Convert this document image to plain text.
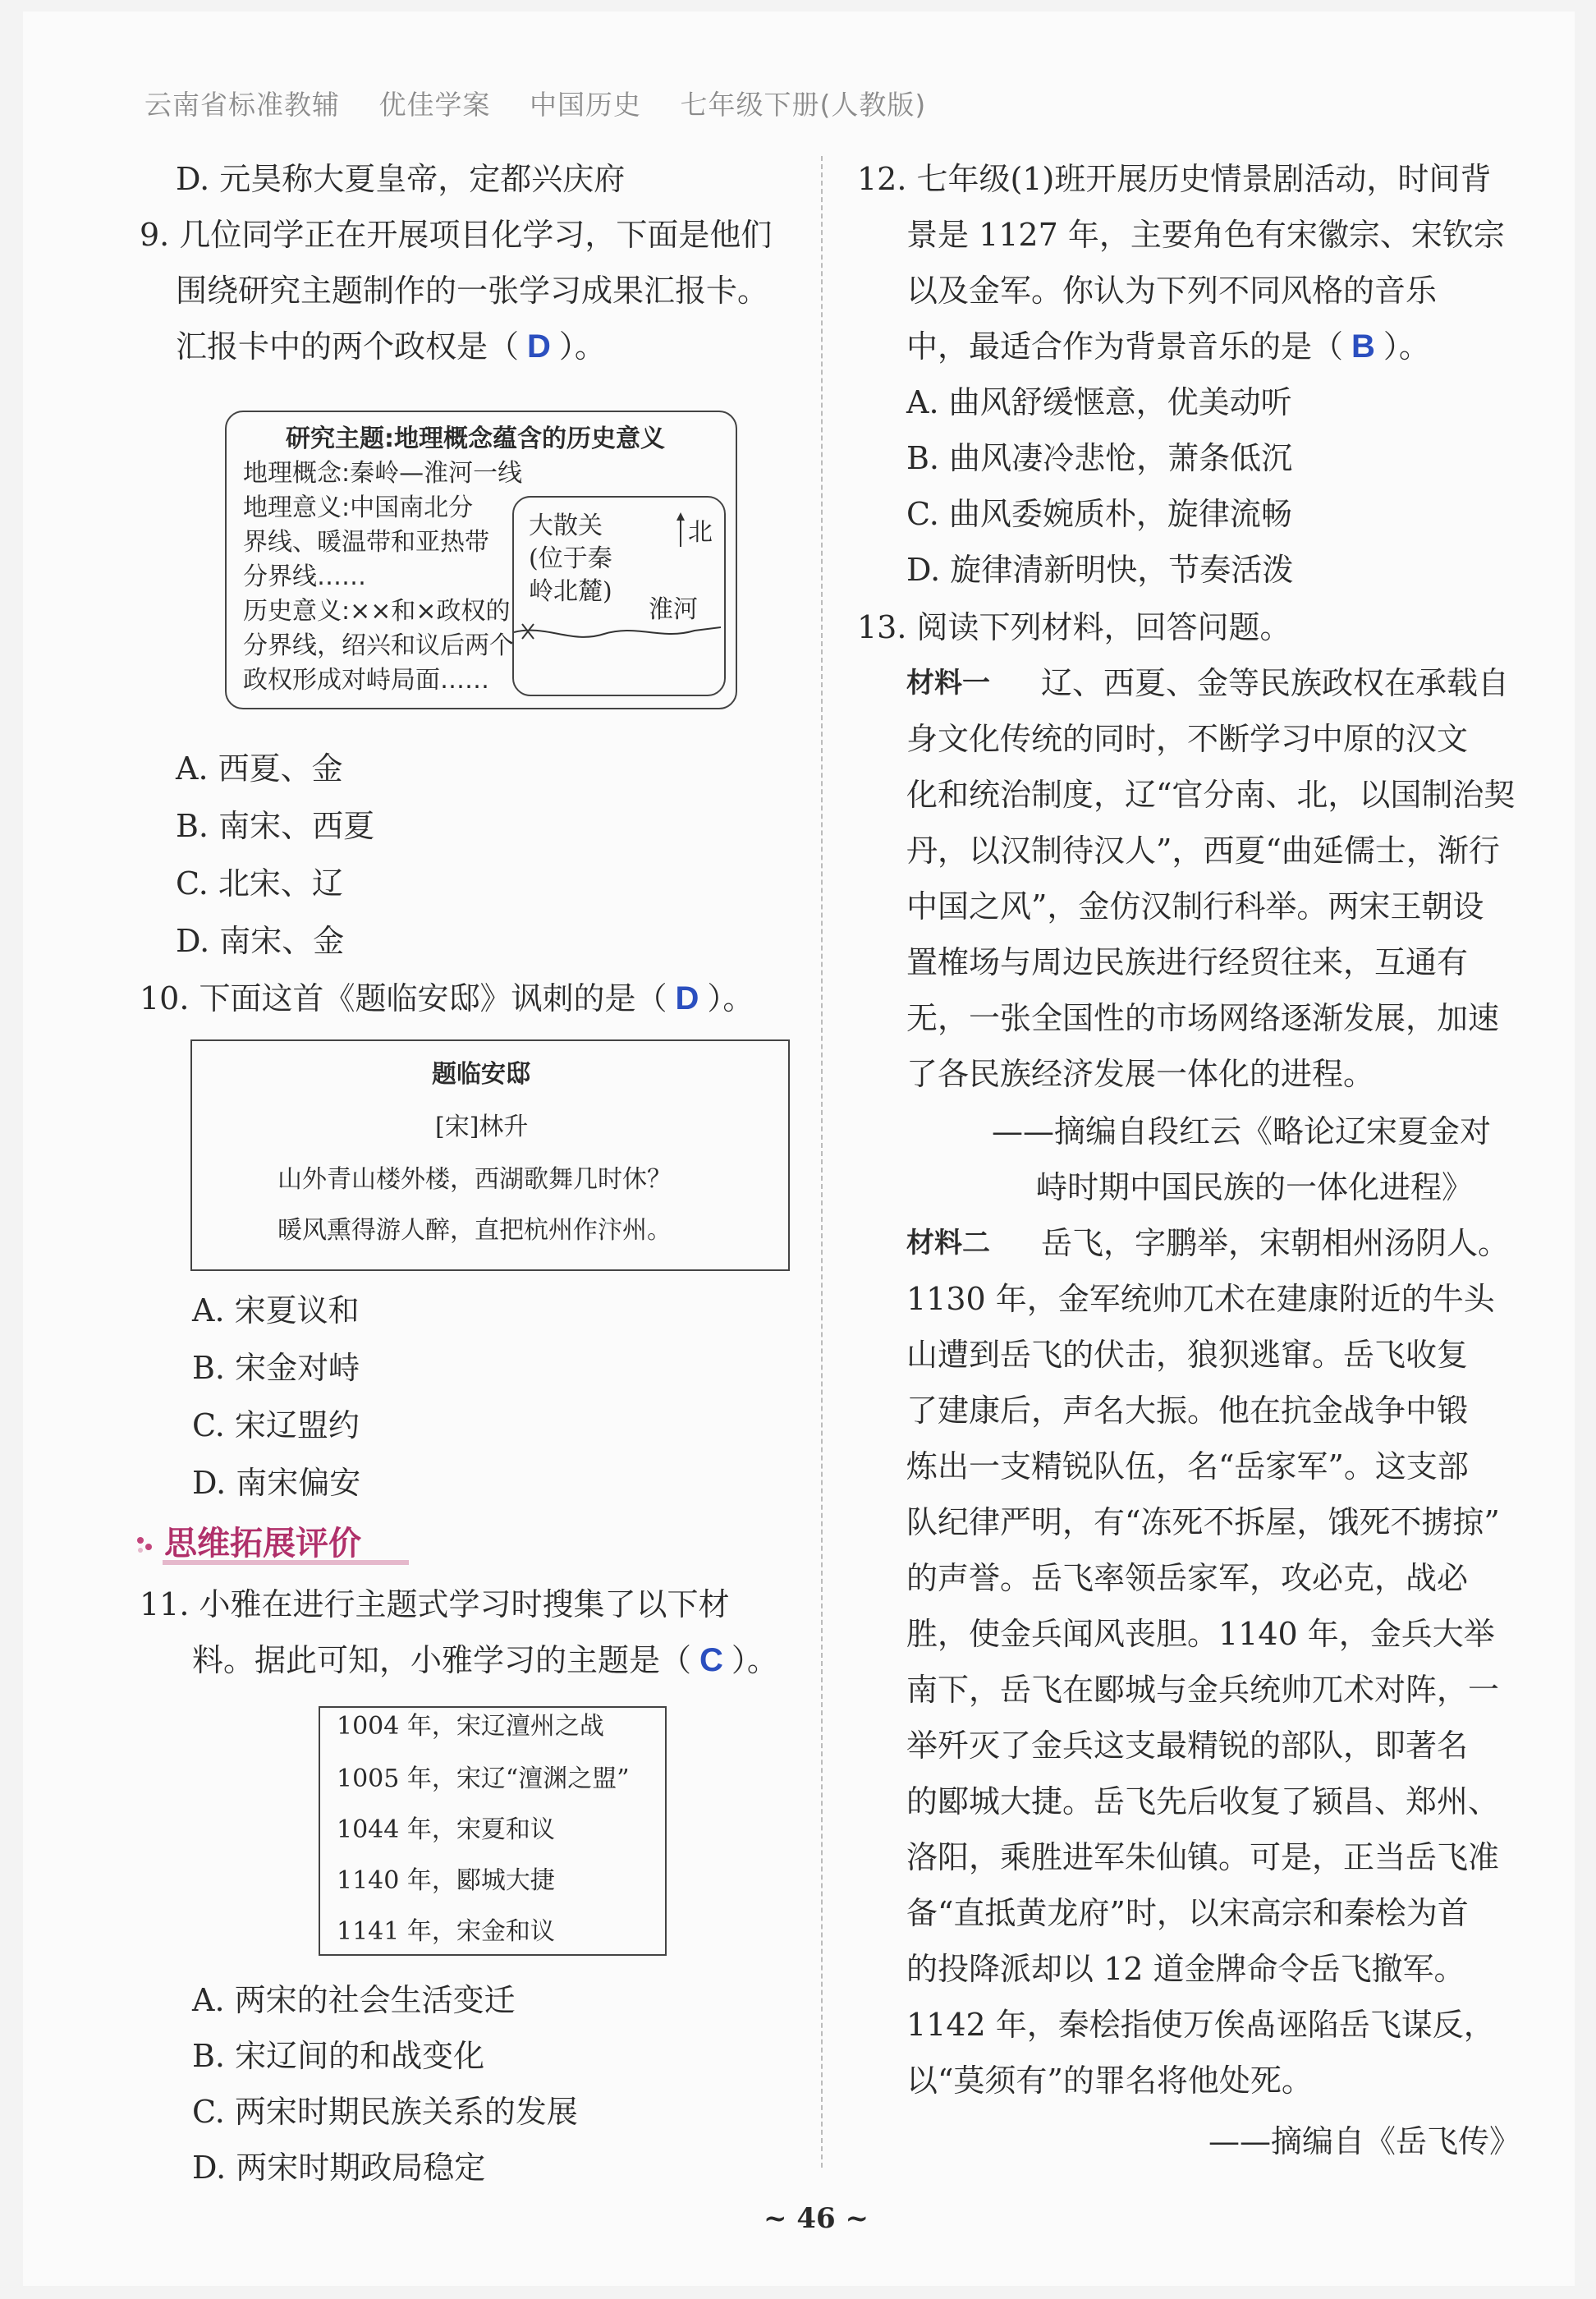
云南省标准教辅 优佳学案 中国历史 七年级下册(人教版)
D. 元昊称大夏皇帝，定都兴庆府
9. 几位同学正在开展项目化学习，下面是他们
围绕研究主题制作的一张学习成果汇报卡。
汇报卡中的两个政权是（ D ）。
研究主题:地理概念蕴含的历史意义
地理概念:秦岭—淮河一线
地理意义:中国南北分
界线、暖温带和亚热带
分界线……
历史意义:××和×政权的
分界线，绍兴和议后两个
政权形成对峙局面……
大散关
(位于秦
岭北麓)
北
淮河
A. 西夏、金
B. 南宋、西夏
C. 北宋、辽
D. 南宋、金
10. 下面这首《题临安邸》讽刺的是（ D ）。
题临安邸
[宋]林升
山外青山楼外楼，西湖歌舞几时休？
暖风熏得游人醉，直把杭州作汴州。
A. 宋夏议和
B. 宋金对峙
C. 宋辽盟约
D. 南宋偏安
思维拓展评价
11. 小雅在进行主题式学习时搜集了以下材
料。据此可知，小雅学习的主题是（ C ）。
1004 年，宋辽澶州之战
1005 年，宋辽“澶渊之盟”
1044 年，宋夏和议
1140 年，郾城大捷
1141 年，宋金和议
A. 两宋的社会生活变迁
B. 宋辽间的和战变化
C. 两宋时期民族关系的发展
D. 两宋时期政局稳定
12. 七年级(1)班开展历史情景剧活动，时间背
景是 1127 年，主要角色有宋徽宗、宋钦宗
以及金军。你认为下列不同风格的音乐
中，最适合作为背景音乐的是（ B ）。
A. 曲风舒缓惬意，优美动听
B. 曲风凄冷悲怆，萧条低沉
C. 曲风委婉质朴，旋律流畅
D. 旋律清新明快，节奏活泼
13. 阅读下列材料，回答问题。
材料一 辽、西夏、金等民族政权在承载自
身文化传统的同时，不断学习中原的汉文
化和统治制度，辽“官分南、北，以国制治契
丹，以汉制待汉人”，西夏“曲延儒士，渐行
中国之风”，金仿汉制行科举。两宋王朝设
置榷场与周边民族进行经贸往来，互通有
无，一张全国性的市场网络逐渐发展，加速
了各民族经济发展一体化的进程。
——摘编自段红云《略论辽宋夏金对
峙时期中国民族的一体化进程》
材料二 岳飞，字鹏举，宋朝相州汤阴人。
1130 年，金军统帅兀术在建康附近的牛头
山遭到岳飞的伏击，狼狈逃窜。岳飞收复
了建康后，声名大振。他在抗金战争中锻
炼出一支精锐队伍，名“岳家军”。这支部
队纪律严明，有“冻死不拆屋，饿死不掳掠”
的声誉。岳飞率领岳家军，攻必克，战必
胜，使金兵闻风丧胆。1140 年，金兵大举
南下，岳飞在郾城与金兵统帅兀术对阵，一
举歼灭了金兵这支最精锐的部队，即著名
的郾城大捷。岳飞先后收复了颍昌、郑州、
洛阳，乘胜进军朱仙镇。可是，正当岳飞准
备“直抵黄龙府”时，以宋高宗和秦桧为首
的投降派却以 12 道金牌命令岳飞撤军。
1142 年，秦桧指使万俟卨诬陷岳飞谋反，
以“莫须有”的罪名将他处死。
——摘编自《岳飞传》
~ 46 ~
